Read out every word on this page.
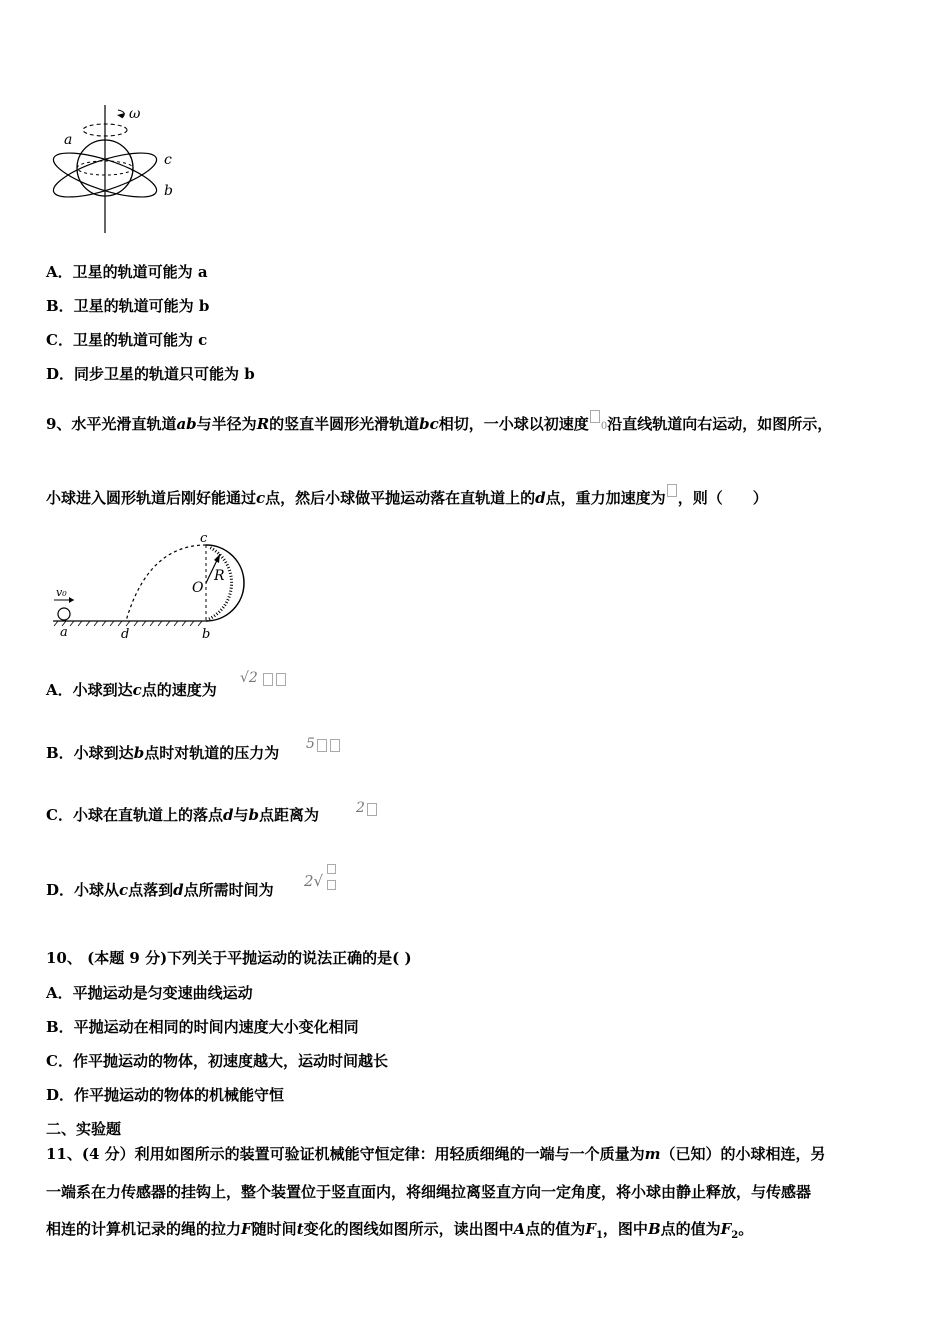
ω
a
c
b
A．卫星的轨道可能为 a
B．卫星的轨道可能为 b
C．卫星的轨道可能为 c
D．同步卫星的轨道只可能为 b
9、水平光滑直轨道ab与半径为R的竖直半圆形光滑轨道bc相切，一小球以初速度 0沿直线轨道向右运动，如图所示，
小球进入圆形轨道后刚好能通过c点，然后小球做平抛运动落在直轨道上的d点，重力加速度为 ，则（　　）
c
O
R
v₀
a	d	b
A．小球到达c点的速度为
√2
B．小球到达b点时对轨道的压力为 5
C．小球在直轨道上的落点d与b点距离为	2
D．小球从c点落到d点所需时间为 2√
10、 (本题 9 分)下列关于平抛运动的说法正确的是( )
A．平抛运动是匀变速曲线运动
B．平抛运动在相同的时间内速度大小变化相同
C．作平抛运动的物体，初速度越大，运动时间越长
D．作平抛运动的物体的机械能守恒
二、实验题
11、(4 分）利用如图所示的装置可验证机械能守恒定律：用轻质细绳的一端与一个质量为m（已知）的小球相连，另
一端系在力传感器的挂钩上，整个装置位于竖直面内，将细绳拉离竖直方向一定角度，将小球由静止释放，与传感器
相连的计算机记录的绳的拉力F随时间t变化的图线如图所示，读出图中A点的值为$F_1$，图中B点的值为$F_2$。
